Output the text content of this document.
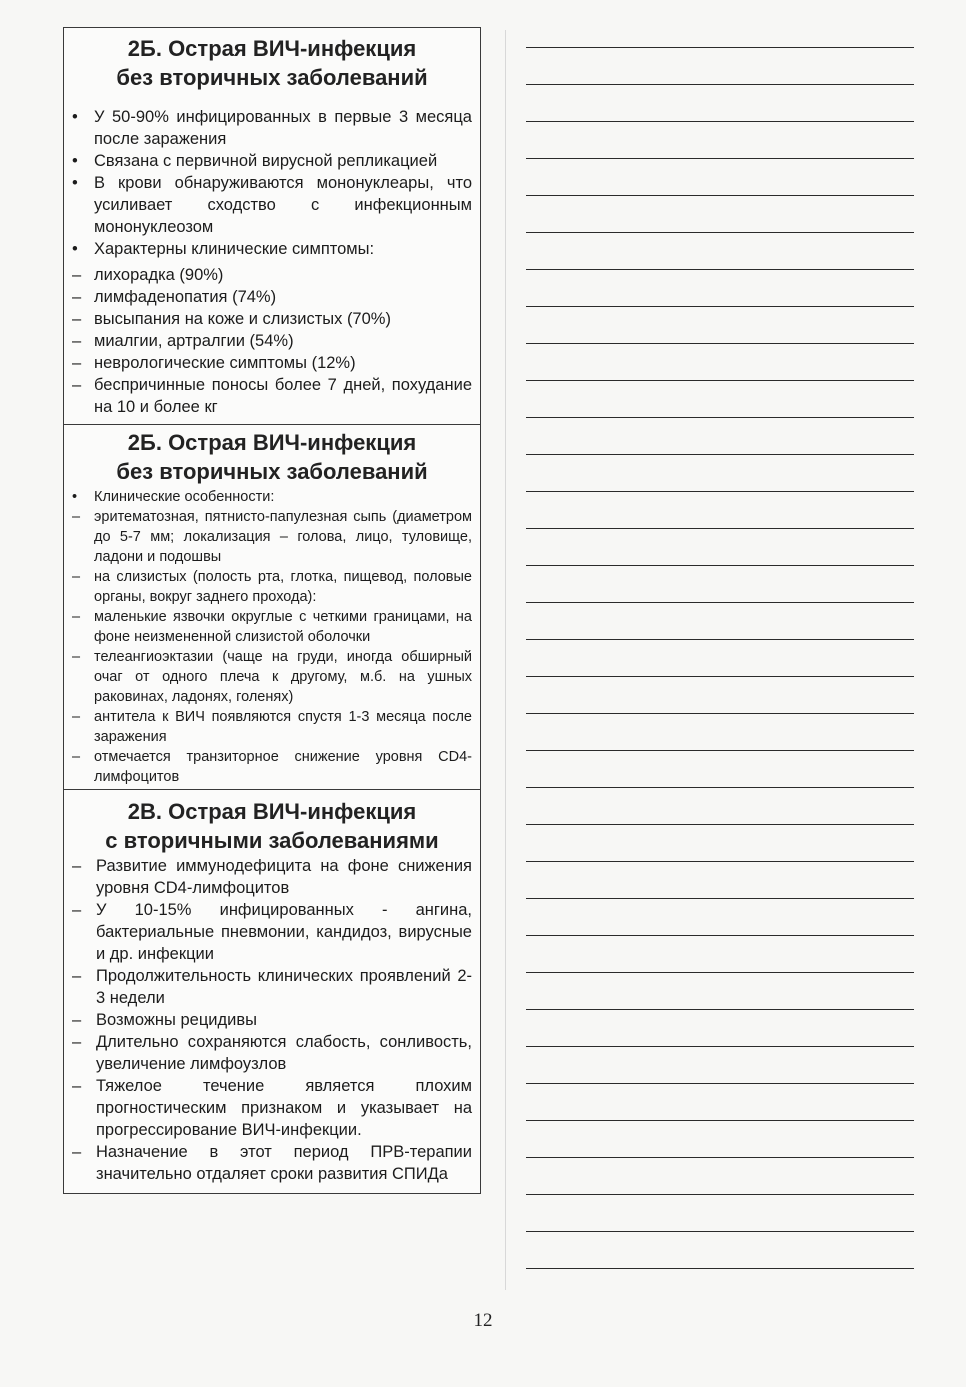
2Б. Острая ВИЧ-инфекция
без вторичных заболеваний
• У 50-90% инфицированных в первые 3 месяца после заражения
• Связана с первичной вирусной репликацией
• В крови обнаруживаются мононуклеары, что усиливает сходство с инфекционным мононуклеозом
• Характерны клинические симптомы:
– лихорадка (90%)
– лимфаденопатия (74%)
– высыпания на коже и слизистых (70%)
– миалгии, артралгии (54%)
– неврологические симптомы (12%)
– беспричинные поносы более 7 дней, похудание на 10 и более кг
2Б. Острая ВИЧ-инфекция
без вторичных заболеваний
• Клинические особенности:
– эритематозная, пятнисто-папулезная сыпь (диаметром до 5-7 мм; локализация – голова, лицо, туловище, ладони и подошвы
– на слизистых (полость рта, глотка, пищевод, половые органы, вокруг заднего прохода):
– маленькие язвочки округлые с четкими границами, на фоне неизмененной слизистой оболочки
– телеангиоэктазии (чаще на груди, иногда обширный очаг от одного плеча к другому, м.б. на ушных раковинах, ладонях, голенях)
– антитела к ВИЧ появляются спустя 1-3 месяца после заражения
– отмечается транзиторное снижение уровня CD4-лимфоцитов
2В. Острая ВИЧ-инфекция
с вторичными заболеваниями
– Развитие иммунодефицита на фоне снижения уровня CD4-лимфоцитов
– У 10-15% инфицированных - ангина, бактериальные пневмонии, кандидоз, вирусные и др. инфекции
– Продолжительность клинических проявлений 2-3 недели
– Возможны рецидивы
– Длительно сохраняются слабость, сонливость, увеличение лимфоузлов
– Тяжелое течение является плохим прогностическим признаком и указывает на прогрессирование ВИЧ-инфекции.
– Назначение в этот период ПРВ-терапии значительно отдаляет сроки развития СПИДа
12
